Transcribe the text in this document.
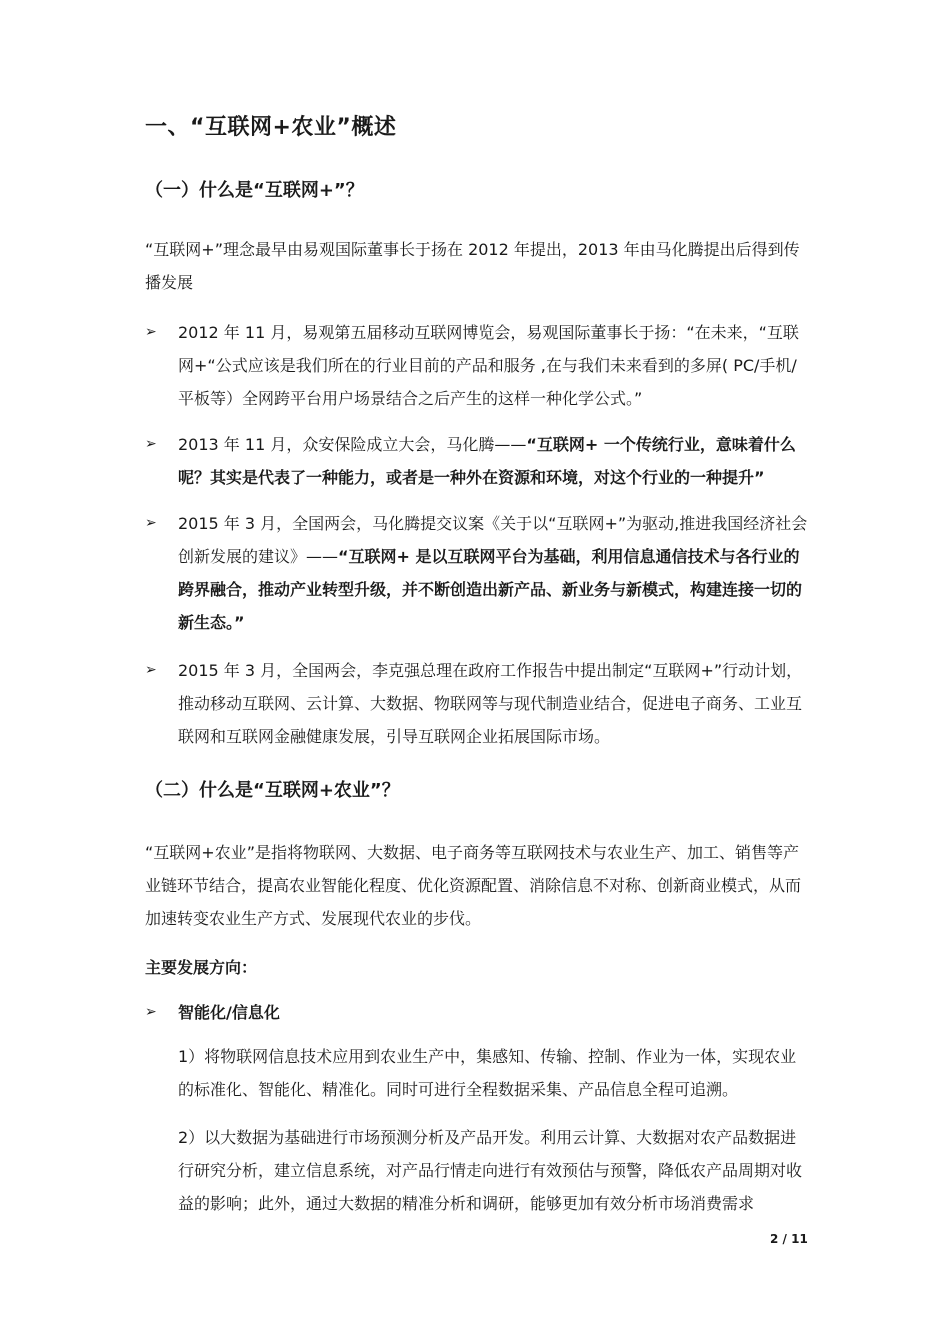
一、“互联网+农业”概述
（一）什么是“互联网+”？
“互联网+”理念最早由易观国际董事长于扬在 2012 年提出，2013 年由马化腾提出后得到传播发展
➢ 2012 年 11 月，易观第五届移动互联网博览会，易观国际董事长于扬：“在未来，“互联网+“公式应该是我们所在的行业目前的产品和服务 ,在与我们未来看到的多屏( PC/手机/平板等）全网跨平台用户场景结合之后产生的这样一种化学公式。”
➢ 2013 年 11 月，众安保险成立大会，马化腾——“互联网+ 一个传统行业，意味着什么呢？其实是代表了一种能力，或者是一种外在资源和环境，对这个行业的一种提升”
➢ 2015 年 3 月，全国两会，马化腾提交议案《关于以“互联网+”为驱动,推进我国经济社会创新发展的建议》——“互联网+ 是以互联网平台为基础，利用信息通信技术与各行业的跨界融合，推动产业转型升级，并不断创造出新产品、新业务与新模式，构建连接一切的新生态。”
➢ 2015 年 3 月，全国两会，李克强总理在政府工作报告中提出制定“互联网+”行动计划，推动移动互联网、云计算、大数据、物联网等与现代制造业结合，促进电子商务、工业互联网和互联网金融健康发展，引导互联网企业拓展国际市场。
（二）什么是“互联网+农业”？
“互联网+农业”是指将物联网、大数据、电子商务等互联网技术与农业生产、加工、销售等产业链环节结合，提高农业智能化程度、优化资源配置、消除信息不对称、创新商业模式，从而加速转变农业生产方式、发展现代农业的步伐。
主要发展方向：
➢ 智能化/信息化
1）将物联网信息技术应用到农业生产中，集感知、传输、控制、作业为一体，实现农业的标准化、智能化、精准化。同时可进行全程数据采集、产品信息全程可追溯。
2）以大数据为基础进行市场预测分析及产品开发。利用云计算、大数据对农产品数据进行研究分析，建立信息系统，对产品行情走向进行有效预估与预警，降低农产品周期对收益的影响；此外，通过大数据的精准分析和调研，能够更加有效分析市场消费需求
2 / 11
